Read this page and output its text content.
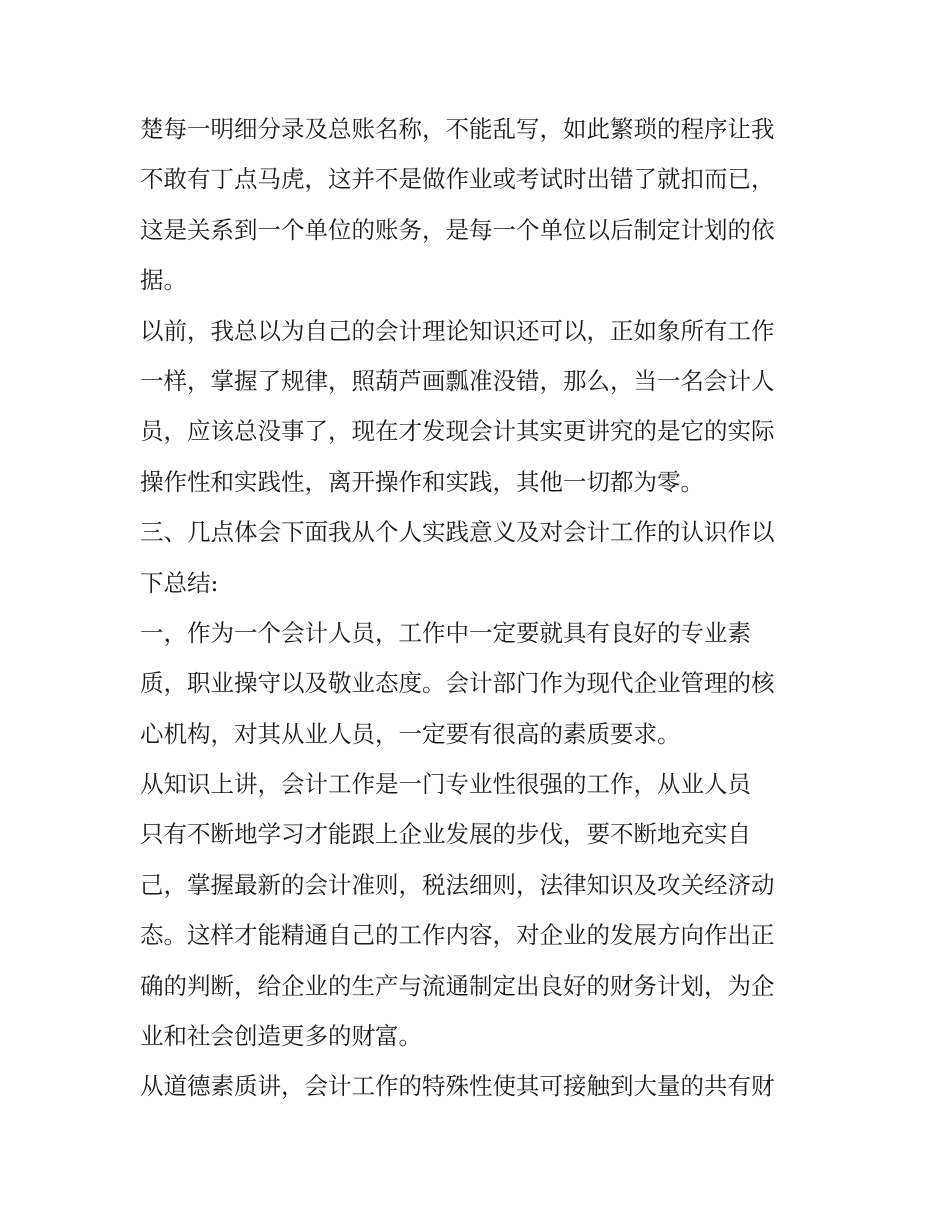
楚每一明细分录及总账名称，不能乱写，如此繁琐的程序让我
不敢有丁点马虎，这并不是做作业或考试时出错了就扣而已，
这是关系到一个单位的账务，是每一个单位以后制定计划的依
据。
以前，我总以为自己的会计理论知识还可以，正如象所有工作
一样，掌握了规律，照葫芦画瓢准没错，那么，当一名会计人
员，应该总没事了，现在才发现会计其实更讲究的是它的实际
操作性和实践性，离开操作和实践，其他一切都为零。
三、几点体会下面我从个人实践意义及对会计工作的认识作以
下总结:
一，作为一个会计人员，工作中一定要就具有良好的专业素
质，职业操守以及敬业态度。会计部门作为现代企业管理的核
心机构，对其从业人员，一定要有很高的素质要求。
从知识上讲，会计工作是一门专业性很强的工作，从业人员
只有不断地学习才能跟上企业发展的步伐，要不断地充实自
己，掌握最新的会计准则，税法细则，法律知识及攻关经济动
态。这样才能精通自己的工作内容，对企业的发展方向作出正
确的判断，给企业的生产与流通制定出良好的财务计划，为企
业和社会创造更多的财富。
从道德素质讲，会计工作的特殊性使其可接触到大量的共有财
